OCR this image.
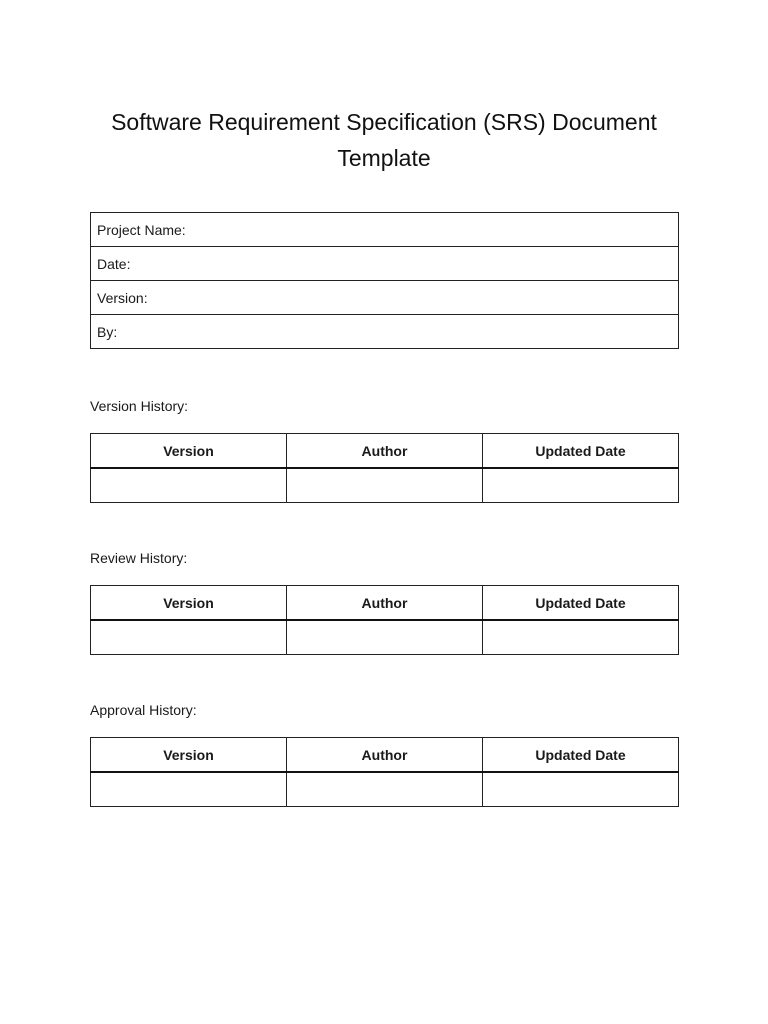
Software Requirement Specification (SRS) Document
Template
Project Name:
Date:
Version:
By:
Version History:
Version	Author	Updated Date

Review History:
Version	Author	Updated Date

Approval History:
Version	Author	Updated Date
